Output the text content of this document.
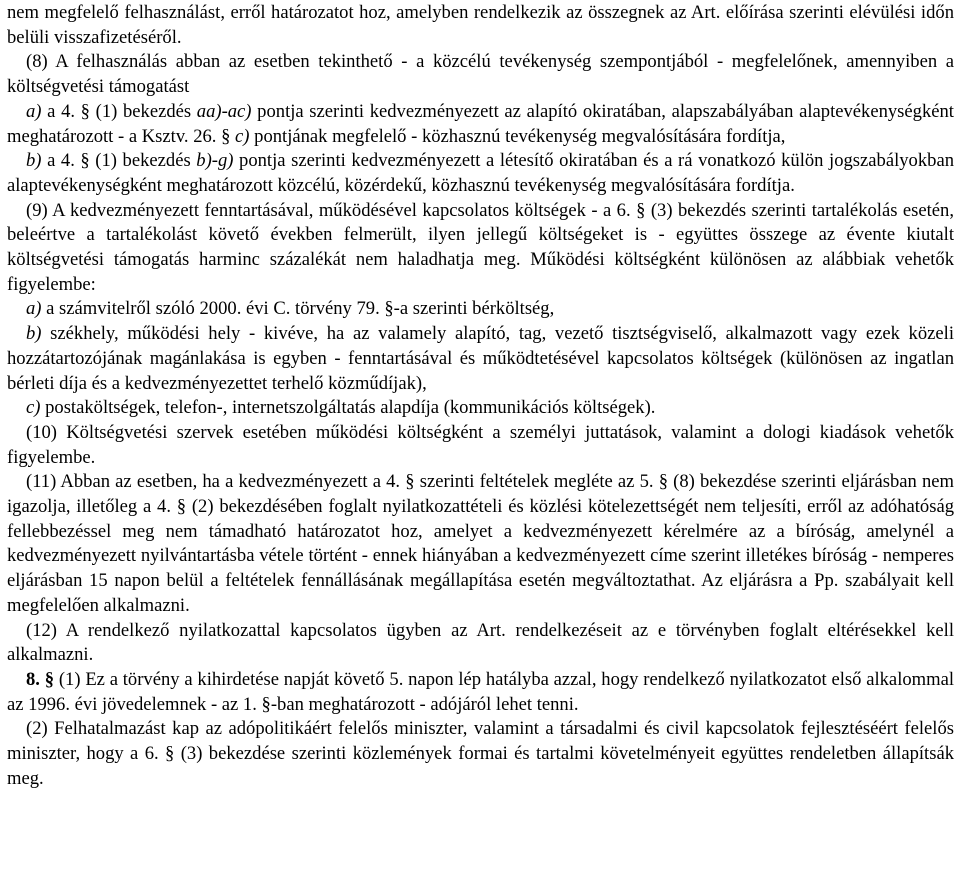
nem megfelelő felhasználást, erről határozatot hoz, amelyben rendelkezik az összegnek az Art. előírása szerinti elévülési időn belüli visszafizetéséről.

(8) A felhasználás abban az esetben tekinthető - a közcélú tevékenység szempontjából - megfelelőnek, amennyiben a költségvetési támogatást

a) a 4. § (1) bekezdés aa)-ac) pontja szerinti kedvezményezett az alapító okiratában, alapszabályában alaptevékenységként meghatározott - a Ksztv. 26. § c) pontjának megfelelő - közhasznú tevékenység megvalósítására fordítja,

b) a 4. § (1) bekezdés b)-g) pontja szerinti kedvezményezett a létesítő okiratában és a rá vonatkozó külön jogszabályokban alaptevékenységként meghatározott közcélú, közérdekű, közhasznú tevékenység megvalósítására fordítja.

(9) A kedvezményezett fenntartásával, működésével kapcsolatos költségek - a 6. § (3) bekezdés szerinti tartalékolás esetén, beleértve a tartalékolást követő években felmerült, ilyen jellegű költségeket is - együttes összege az évente kiutalt költségvetési támogatás harminc százalékát nem haladhatja meg. Működési költségként különösen az alábbiak vehetők figyelembe:

a) a számvitelről szóló 2000. évi C. törvény 79. §-a szerinti bérköltség,

b) székhely, működési hely - kivéve, ha az valamely alapító, tag, vezető tisztségviselő, alkalmazott vagy ezek közeli hozzátartozójának magánlakása is egyben - fenntartásával és működtetésével kapcsolatos költségek (különösen az ingatlan bérleti díja és a kedvezményezettet terhelő közműdíjak),

c) postaköltségek, telefon-, internetszolgáltatás alapdíja (kommunikációs költségek).

(10) Költségvetési szervek esetében működési költségként a személyi juttatások, valamint a dologi kiadások vehetők figyelembe.

(11) Abban az esetben, ha a kedvezményezett a 4. § szerinti feltételek megléte az 5. § (8) bekezdése szerinti eljárásban nem igazolja, illetőleg a 4. § (2) bekezdésében foglalt nyilatkozattételi és közlési kötelezettségét nem teljesíti, erről az adóhatóság fellebbezéssel meg nem támadható határozatot hoz, amelyet a kedvezményezett kérelmére az a bíróság, amelynél a kedvezményezett nyilvántartásba vétele történt - ennek hiányában a kedvezményezett címe szerint illetékes bíróság - nemperes eljárásban 15 napon belül a feltételek fennállásának megállapítása esetén megváltoztathat. Az eljárásra a Pp. szabályait kell megfelelően alkalmazni.

(12) A rendelkező nyilatkozattal kapcsolatos ügyben az Art. rendelkezéseit az e törvényben foglalt eltérésekkel kell alkalmazni.

8. § (1) Ez a törvény a kihirdetése napját követő 5. napon lép hatályba azzal, hogy rendelkező nyilatkozatot első alkalommal az 1996. évi jövedelemnek - az 1. §-ban meghatározott - adójáról lehet tenni.

(2) Felhatalmazást kap az adópolitikáért felelős miniszter, valamint a társadalmi és civil kapcsolatok fejlesztéséért felelős miniszter, hogy a 6. § (3) bekezdése szerinti közlemények formai és tartalmi követelményeit együttes rendeletben állapítsák meg.
